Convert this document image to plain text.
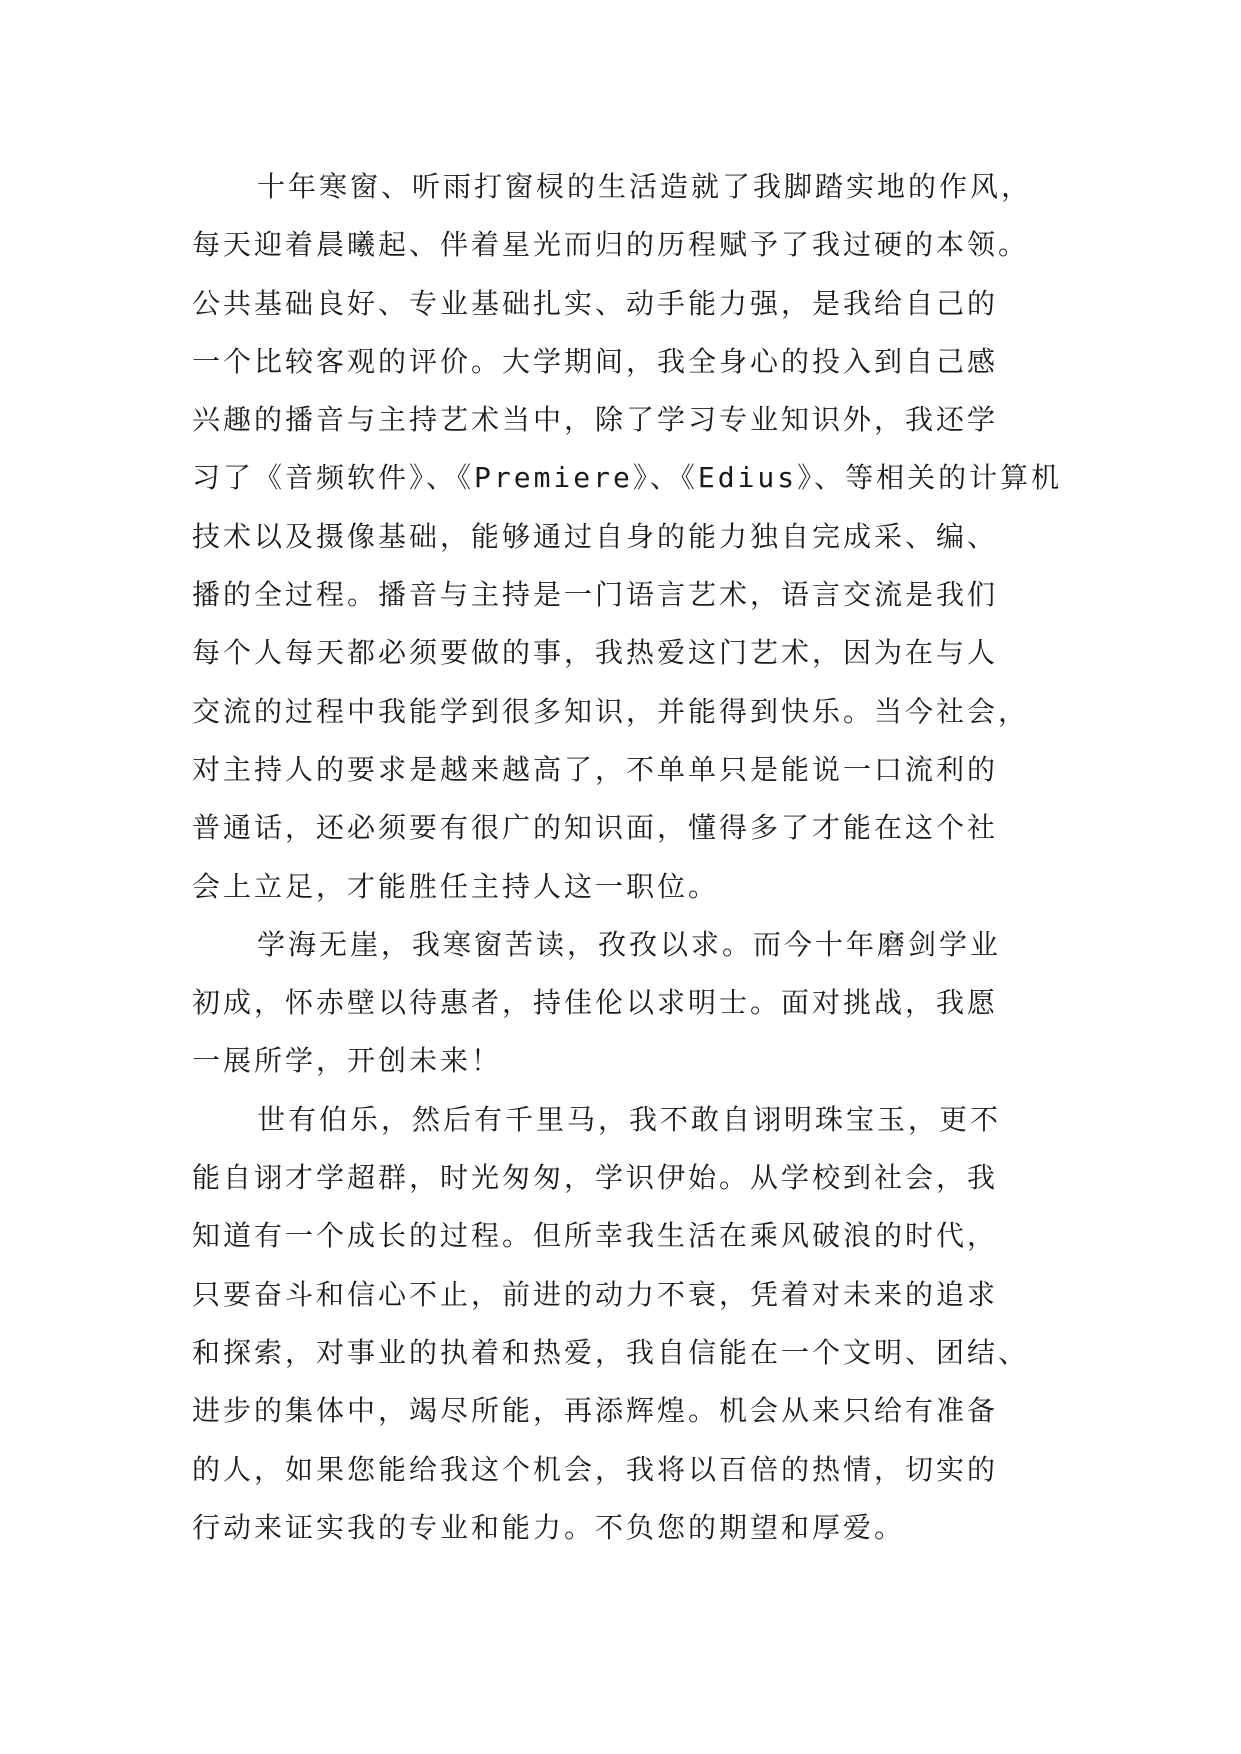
十年寒窗、听雨打窗棂的生活造就了我脚踏实地的作风，
每天迎着晨曦起、伴着星光而归的历程赋予了我过硬的本领。
公共基础良好、专业基础扎实、动手能力强，是我给自己的
一个比较客观的评价。大学期间，我全身心的投入到自己感
兴趣的播音与主持艺术当中，除了学习专业知识外，我还学
习了《音频软件》、《Premiere》、《Edius》、等相关的计算机
技术以及摄像基础，能够通过自身的能力独自完成采、编、
播的全过程。播音与主持是一门语言艺术，语言交流是我们
每个人每天都必须要做的事，我热爱这门艺术，因为在与人
交流的过程中我能学到很多知识，并能得到快乐。当今社会，
对主持人的要求是越来越高了，不单单只是能说一口流利的
普通话，还必须要有很广的知识面，懂得多了才能在这个社
会上立足，才能胜任主持人这一职位。
学海无崖，我寒窗苦读，孜孜以求。而今十年磨剑学业
初成，怀赤壁以待惠者，持佳伦以求明士。面对挑战，我愿
一展所学，开创未来！
世有伯乐，然后有千里马，我不敢自诩明珠宝玉，更不
能自诩才学超群，时光匆匆，学识伊始。从学校到社会，我
知道有一个成长的过程。但所幸我生活在乘风破浪的时代，
只要奋斗和信心不止，前进的动力不衰，凭着对未来的追求
和探索，对事业的执着和热爱，我自信能在一个文明、团结、
进步的集体中，竭尽所能，再添辉煌。机会从来只给有准备
的人，如果您能给我这个机会，我将以百倍的热情，切实的
行动来证实我的专业和能力。不负您的期望和厚爱。
